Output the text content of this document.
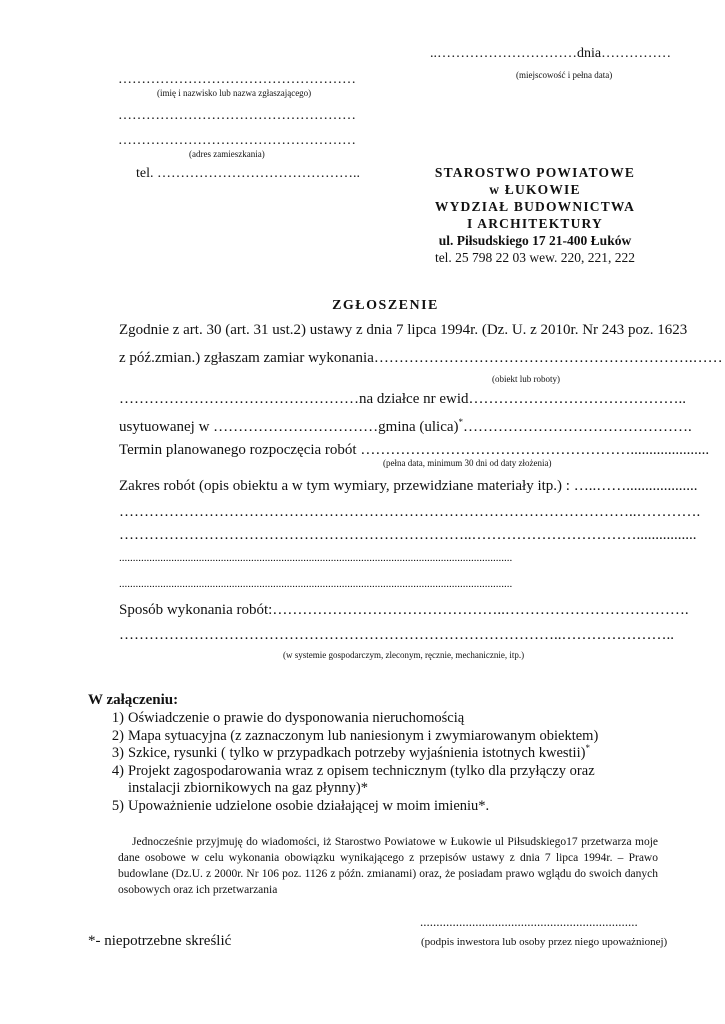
..…………………………dnia……………
(miejscowość i pełna data)
……………………………………………
(imię i nazwisko lub nazwa zgłaszającego)
……………………………………………
……………………………………………
(adres zamieszkania)
tel. ……………………………………..	STAROSTWO POWIATOWE
w ŁUKOWIE
WYDZIAŁ BUDOWNICTWA
I ARCHITEKTURY
ul. Piłsudskiego 17 21-400 Łuków
tel. 25 798 22 03 wew. 220, 221, 222
ZGŁOSZENIE
Zgodnie z art. 30 (art. 31 ust.2) ustawy z dnia 7 lipca 1994r. (Dz. U. z 2010r. Nr 243 poz. 1623
z póź.zmian.) zgłaszam zamiar wykonania……………………………………………………….……
(obiekt lub roboty)
…………………………………………na działce nr ewid……………………………………..
usytuowanej w ……………………………gmina (ulica)*……………………………………….
Termin planowanego rozpoczęcia robót ……………………………………………….....................
(pełna data, minimum 30 dni od daty złożenia)
Zakres robót (opis obiektu a w tym wymiary, przewidziane materiały itp.) : …..……...................
…………………………………………………………………………………………..………….
……………………………………………………………..……………………………................
...............................................................................................................................................
...............................................................................................................................................
Sposób wykonania robót:………………………………………..……………………………….
……………………………………………………………………………..…………………..
(w systemie gospodarczym, zleconym, ręcznie, mechanicznie, itp.)
W załączeniu:
1) Oświadczenie o prawie do dysponowania nieruchomością
2) Mapa sytuacyjna (z zaznaczonym lub naniesionym i zwymiarowanym obiektem)
3) Szkice, rysunki ( tylko w przypadkach potrzeby wyjaśnienia istotnych kwestii)*
4) Projekt zagospodarowania wraz z opisem technicznym (tylko dla przyłączy oraz instalacji zbiornikowych na gaz płynny)*
5) Upoważnienie udzielone osobie działającej w moim imieniu*.
Jednocześnie przyjmuję do wiadomości, iż Starostwo Powiatowe w Łukowie ul Piłsudskiego17 przetwarza moje dane osobowe w celu wykonania obowiązku wynikającego z przepisów ustawy z dnia 7 lipca 1994r. – Prawo budowlane (Dz.U. z 2000r. Nr 106 poz. 1126 z późn. zmianami) oraz, że posiadam prawo wglądu do swoich danych osobowych oraz ich przetwarzania
...................................................................
*- niepotrzebne skreślić	(podpis inwestora lub osoby przez niego upoważnionej)
